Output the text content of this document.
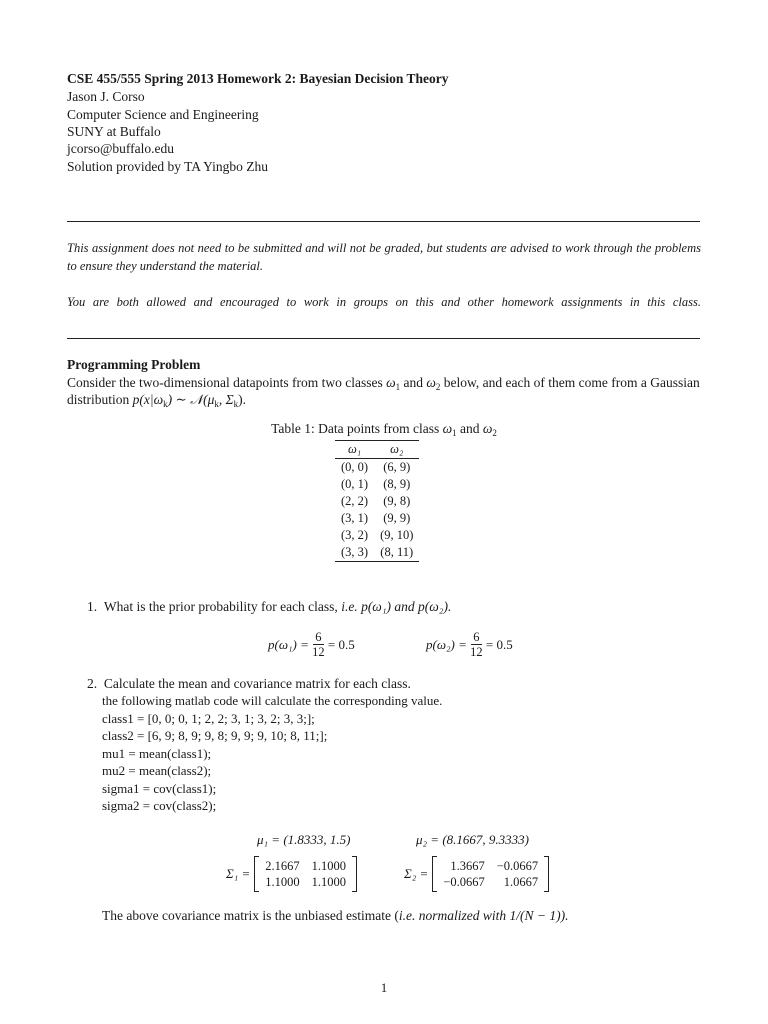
CSE 455/555 Spring 2013 Homework 2: Bayesian Decision Theory
Jason J. Corso
Computer Science and Engineering
SUNY at Buffalo
jcorso@buffalo.edu
Solution provided by TA Yingbo Zhu
This assignment does not need to be submitted and will not be graded, but students are advised to work through the problems to ensure they understand the material.
You are both allowed and encouraged to work in groups on this and other homework assignments in this class.
Programming Problem
Consider the two-dimensional datapoints from two classes $\omega_1$ and $\omega_2$ below, and each of them come from a Gaussian
distribution $p(x|\omega_k)$ ∼ $𝒩(\mu_k$, $\Sigma_k$).
Table 1: Data points from class $\omega_1$ and $\omega_2$
ω₁	ω₂
(0, 0)	(6, 9)
(0, 1)	(8, 9)
(2, 2)	(9, 8)
(3, 1)	(9, 9)
(3, 2)	(9, 10)
(3, 3)	(8, 11)
1. What is the prior probability for each class, i.e. p(ω₁) and p(ω₂).
p(ω₁) =
$\frac{6}{12}$
= 0.5	p(ω₂) =
$\frac{6}{12}$
= 0.5
2. Calculate the mean and covariance matrix for each class.
the following matlab code will calculate the corresponding value.
class1 = [0, 0; 0, 1; 2, 2; 3, 1; 3, 2; 3, 3;];
class2 = [6, 9; 8, 9; 9, 8; 9, 9; 9, 10; 8, 11;];
mu1 = mean(class1);
mu2 = mean(class2);
sigma1 = cov(class1);
sigma2 = cov(class2);
μ₁ = (1.8333, 1.5)	μ₂ = (8.1667, 9.3333)
Σ₁ = 2.1667 1.1000
1.1000 1.1000
Σ₂ =	1.3667 −0.0667
−0.0667	1.0667
The above covariance matrix is the unbiased estimate (i.e. normalized with 1/(N − 1)).
1
